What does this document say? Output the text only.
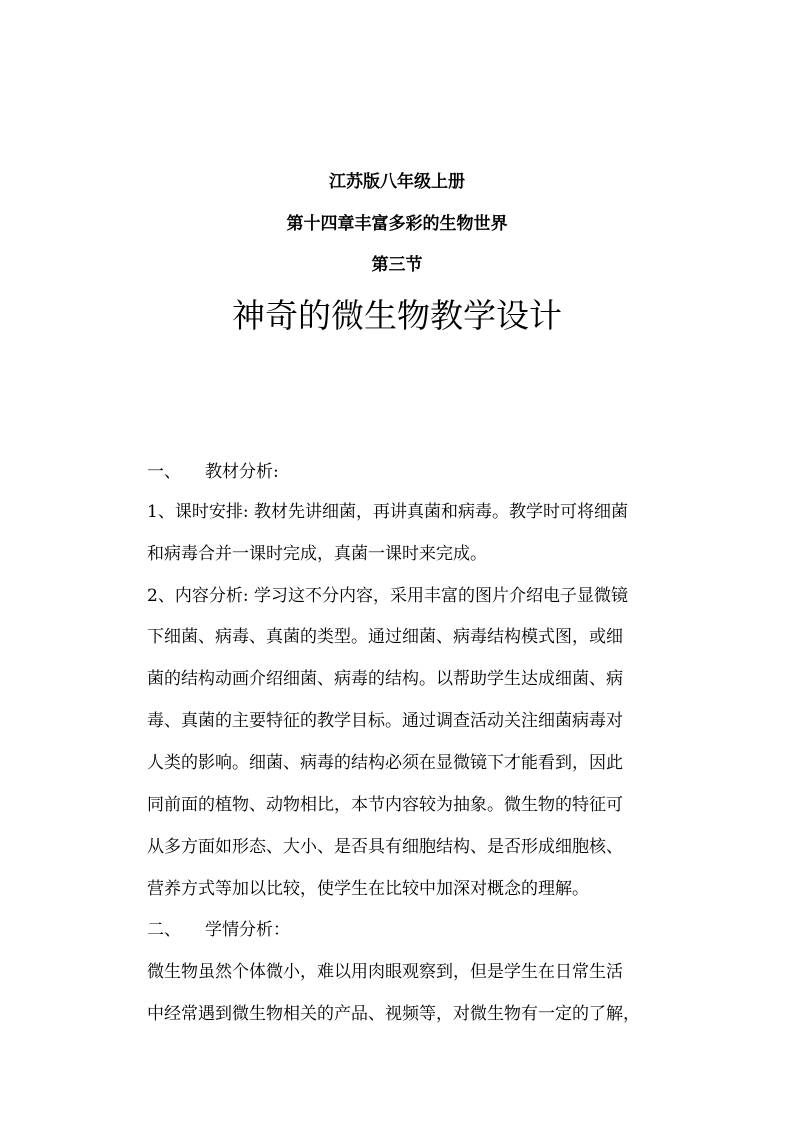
江苏版八年级上册
第十四章丰富多彩的生物世界
第三节
神奇的微生物教学设计
一、 教材分析:
1、课时安排: 教材先讲细菌，再讲真菌和病毒。教学时可将细菌
和病毒合并一课时完成，真菌一课时来完成。
2、内容分析: 学习这不分内容，采用丰富的图片介绍电子显微镜
下细菌、病毒、真菌的类型。通过细菌、病毒结构模式图，或细
菌的结构动画介绍细菌、病毒的结构。以帮助学生达成细菌、病
毒、真菌的主要特征的教学目标。通过调查活动关注细菌病毒对
人类的影响。细菌、病毒的结构必须在显微镜下才能看到，因此
同前面的植物、动物相比，本节内容较为抽象。微生物的特征可
从多方面如形态、大小、是否具有细胞结构、是否形成细胞核、
营养方式等加以比较，使学生在比较中加深对概念的理解。
二、 学情分析：
微生物虽然个体微小，难以用肉眼观察到，但是学生在日常生活
中经常遇到微生物相关的产品、视频等，对微生物有一定的了解，
